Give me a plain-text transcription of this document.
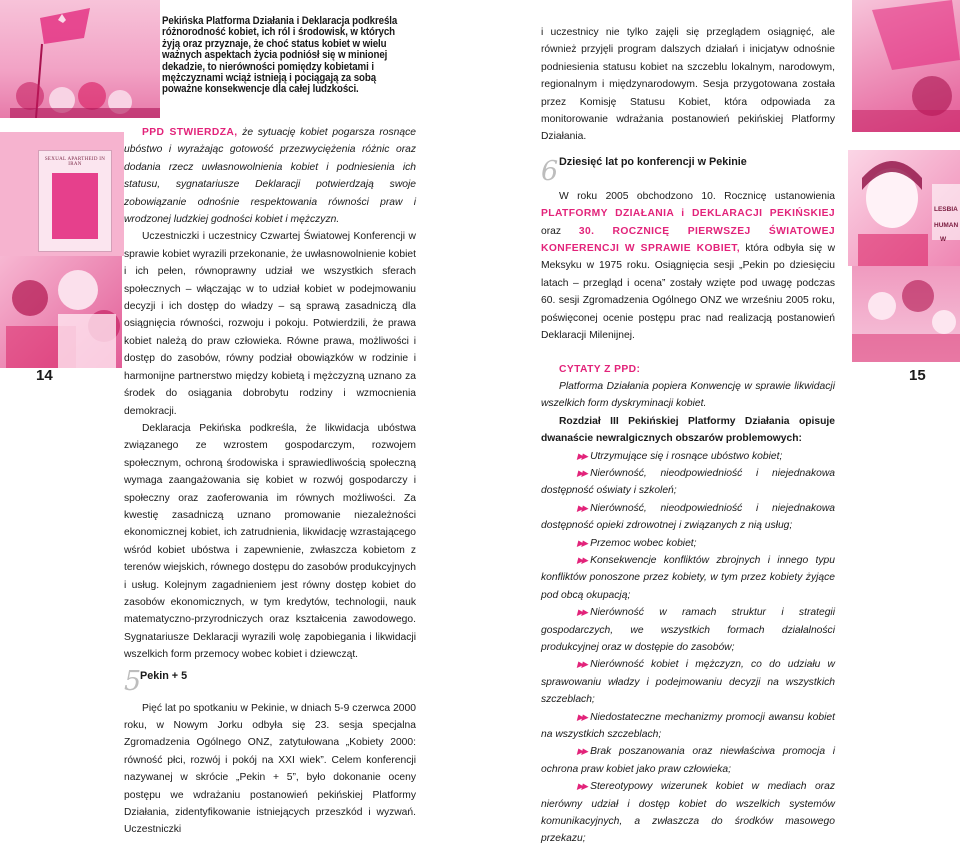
SEXUAL APARTHEID IN IRAN
14
Pekińska Platforma Działania i Deklaracja podkreśla różnorodność kobiet, ich ról i środowisk, w których żyją oraz przyznaje, że choć status kobiet w wielu ważnych aspektach życia podniósł się w minionej dekadzie, to nierówności pomiędzy kobietami i mężczyznami wciąż istnieją i pociągają za sobą poważne konsekwencje dla całej ludzkości.

PPD STWIERDZA, że sytuację kobiet pogarsza rosnące ubóstwo i wyrażając gotowość przezwyciężenia różnic oraz dodania rzecz uwłasnowolnienia kobiet i podniesienia ich statusu, sygnatariusze Deklaracji potwierdzają swoje zobowiązanie odnośnie respektowania równości praw i wrodzonej ludzkiej godności kobiet i mężczyzn.

Uczestniczki i uczestnicy Czwartej Światowej Konferencji w sprawie kobiet wyrazili przekonanie, że uwłasnowolnienie kobiet i ich pełen, równoprawny udział we wszystkich sferach społecznych – włączając w to udział kobiet w podejmowaniu decyzji i ich dostęp do władzy – są sprawą zasadniczą dla osiągnięcia równości, rozwoju i pokoju. Potwierdzili, że prawa kobiet należą do praw człowieka. Równe prawa, możliwości i dostęp do zasobów, równy podział obowiązków w rodzinie i harmonijne partnerstwo między kobietą i mężczyzną uznano za środek do osiągania dobrobytu rodziny i wzmocnienia demokracji.

Deklaracja Pekińska podkreśla, że likwidacja ubóstwa związanego ze wzrostem gospodarczym, rozwojem społecznym, ochroną środowiska i sprawiedliwością społeczną wymaga zaangażowania się kobiet w rozwój gospodarczy i społeczny oraz zaoferowania im równych możliwości. Za kwestię zasadniczą uznano promowanie niezależności ekonomicznej kobiet, ich zatrudnienia, likwidację wzrastającego wśród kobiet ubóstwa i zapewnienie, zwłaszcza kobietom z terenów wiejskich, równego dostępu do zasobów produkcyjnych i usług. Kolejnym zagadnieniem jest równy dostęp kobiet do zasobów ekonomicznych, w tym kredytów, technologii, nauk matematyczno-przyrodniczych oraz kształcenia zawodowego. Sygnatariusze Deklaracji wyrazili wolę zapobiegania i likwidacji wszelkich form przemocy wobec kobiet i dziewcząt.

5
Pekin + 5

Pięć lat po spotkaniu w Pekinie, w dniach 5-9 czerwca 2000 roku, w Nowym Jorku odbyła się 23. sesja specjalna Zgromadzenia Ogólnego ONZ, zatytułowana „Kobiety 2000: równość płci, rozwój i pokój na XXI wiek”. Celem konferencji nazywanej w skrócie „Pekin + 5”, było dokonanie oceny postępu we wdrażaniu postanowień pekińskiej Platformy Działania, zidentyfikowanie istniejących przeszkód i wyzwań. Uczestniczki

i uczestnicy nie tylko zajęli się przeglądem osiągnięć, ale również przyjęli program dalszych działań i inicjatyw odnośnie podniesienia statusu kobiet na szczeblu lokalnym, narodowym, regionalnym i międzynarodowym. Sesja przygotowana została przez Komisję Statusu Kobiet, która odpowiada za monitorowanie wdrażania postanowień pekińskiej Platformy Działania.

6 Dziesięć lat po konferencji w Pekinie

W roku 2005 obchodzono 10. Rocznicę ustanowienia PLATFORMY DZIAŁANIA i DEKLARACJI PEKIŃSKIEJ oraz 30. ROCZNICĘ PIERWSZEJ ŚWIATOWEJ KONFERENCJI W SPRAWIE KOBIET, która odbyła się w Meksyku w 1975 roku. Osiągnięcia sesji „Pekin po dziesięciu latach – przegląd i ocena” zostały wzięte pod uwagę podczas 60. sesji Zgromadzenia Ogólnego ONZ we wrześniu 2005 roku, poświęconej ocenie postępu prac nad realizacją postanowień Deklaracji Milenijnej.

CYTATY Z PPD:

Platforma Działania popiera Konwencję w sprawie likwidacji wszelkich form dyskryminacji kobiet.

Rozdział III Pekińskiej Platformy Działania opisuje dwanaście newralgicznych obszarów problemowych:

▶▶ Utrzymujące się i rosnące ubóstwo kobiet;

▶▶ Nierówność, nieodpowiedniość i niejednakowa dostępność oświaty i szkoleń;

▶▶ Nierówność, nieodpowiedniość i niejednakowa dostępność opieki zdrowotnej i związanych z nią usług;

▶▶ Przemoc wobec kobiet;

▶▶ Konsekwencje konfliktów zbrojnych i innego typu konfliktów ponoszone przez kobiety, w tym przez kobiety żyjące pod obcą okupacją;

▶▶ Nierówność w ramach struktur i strategii gospodarczych, we wszystkich formach działalności produkcyjnej oraz w dostępie do zasobów;

▶▶ Nierówność kobiet i mężczyzn, co do udziału w sprawowaniu władzy i podejmowaniu decyzji na wszystkich szczeblach;

▶▶ Niedostateczne mechanizmy promocji awansu kobiet na wszystkich szczeblach;

▶▶ Brak poszanowania oraz niewłaściwa promocja i ochrona praw kobiet jako praw człowieka;

▶▶ Stereotypowy wizerunek kobiet w mediach oraz nierówny udział i dostęp kobiet do wszelkich systemów komunikacyjnych, a zwłaszcza do środków masowego przekazu;

LESBIA
HUMAN
W
15
